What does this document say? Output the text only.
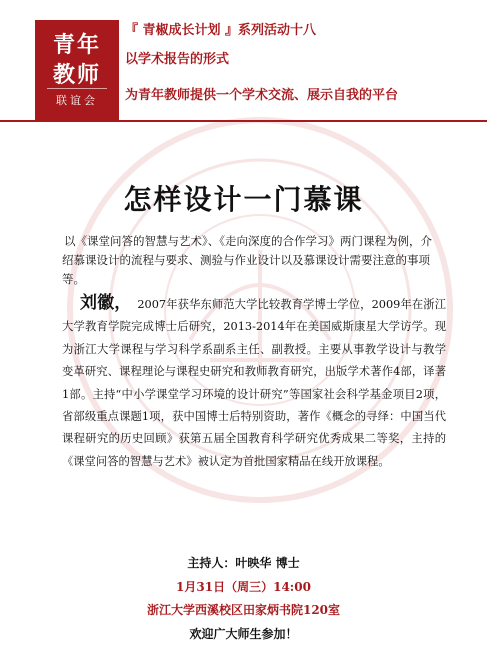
青年
教师
联谊会
『 青椒成长计划 』系列活动十八
以学术报告的形式
为青年教师提供一个学术交流、展示自我的平台
怎样设计一门慕课
以《课堂问答的智慧与艺术》、《走向深度的合作学习》两门课程为例，介绍慕课设计的流程与要求、测验与作业设计以及慕课设计需要注意的事项等。
刘徽， 2007年获华东师范大学比较教育学博士学位，2009年在浙江大学教育学院完成博士后研究，2013-2014年在美国威斯康星大学访学。现为浙江大学课程与学习科学系副系主任、副教授。主要从事教学设计与教学变革研究、课程理论与课程史研究和教师教育研究，出版学术著作4部，译著1部。主持“中小学课堂学习环境的设计研究”等国家社会科学基金项目2项，省部级重点课题1项，获中国博士后特别资助，著作《概念的寻绎：中国当代课程研究的历史回顾》获第五届全国教育科学研究优秀成果二等奖，主持的《课堂问答的智慧与艺术》被认定为首批国家精品在线开放课程。
主持人：叶映华 博士
1月31日（周三）14:00
浙江大学西溪校区田家炳书院120室
欢迎广大师生参加！
